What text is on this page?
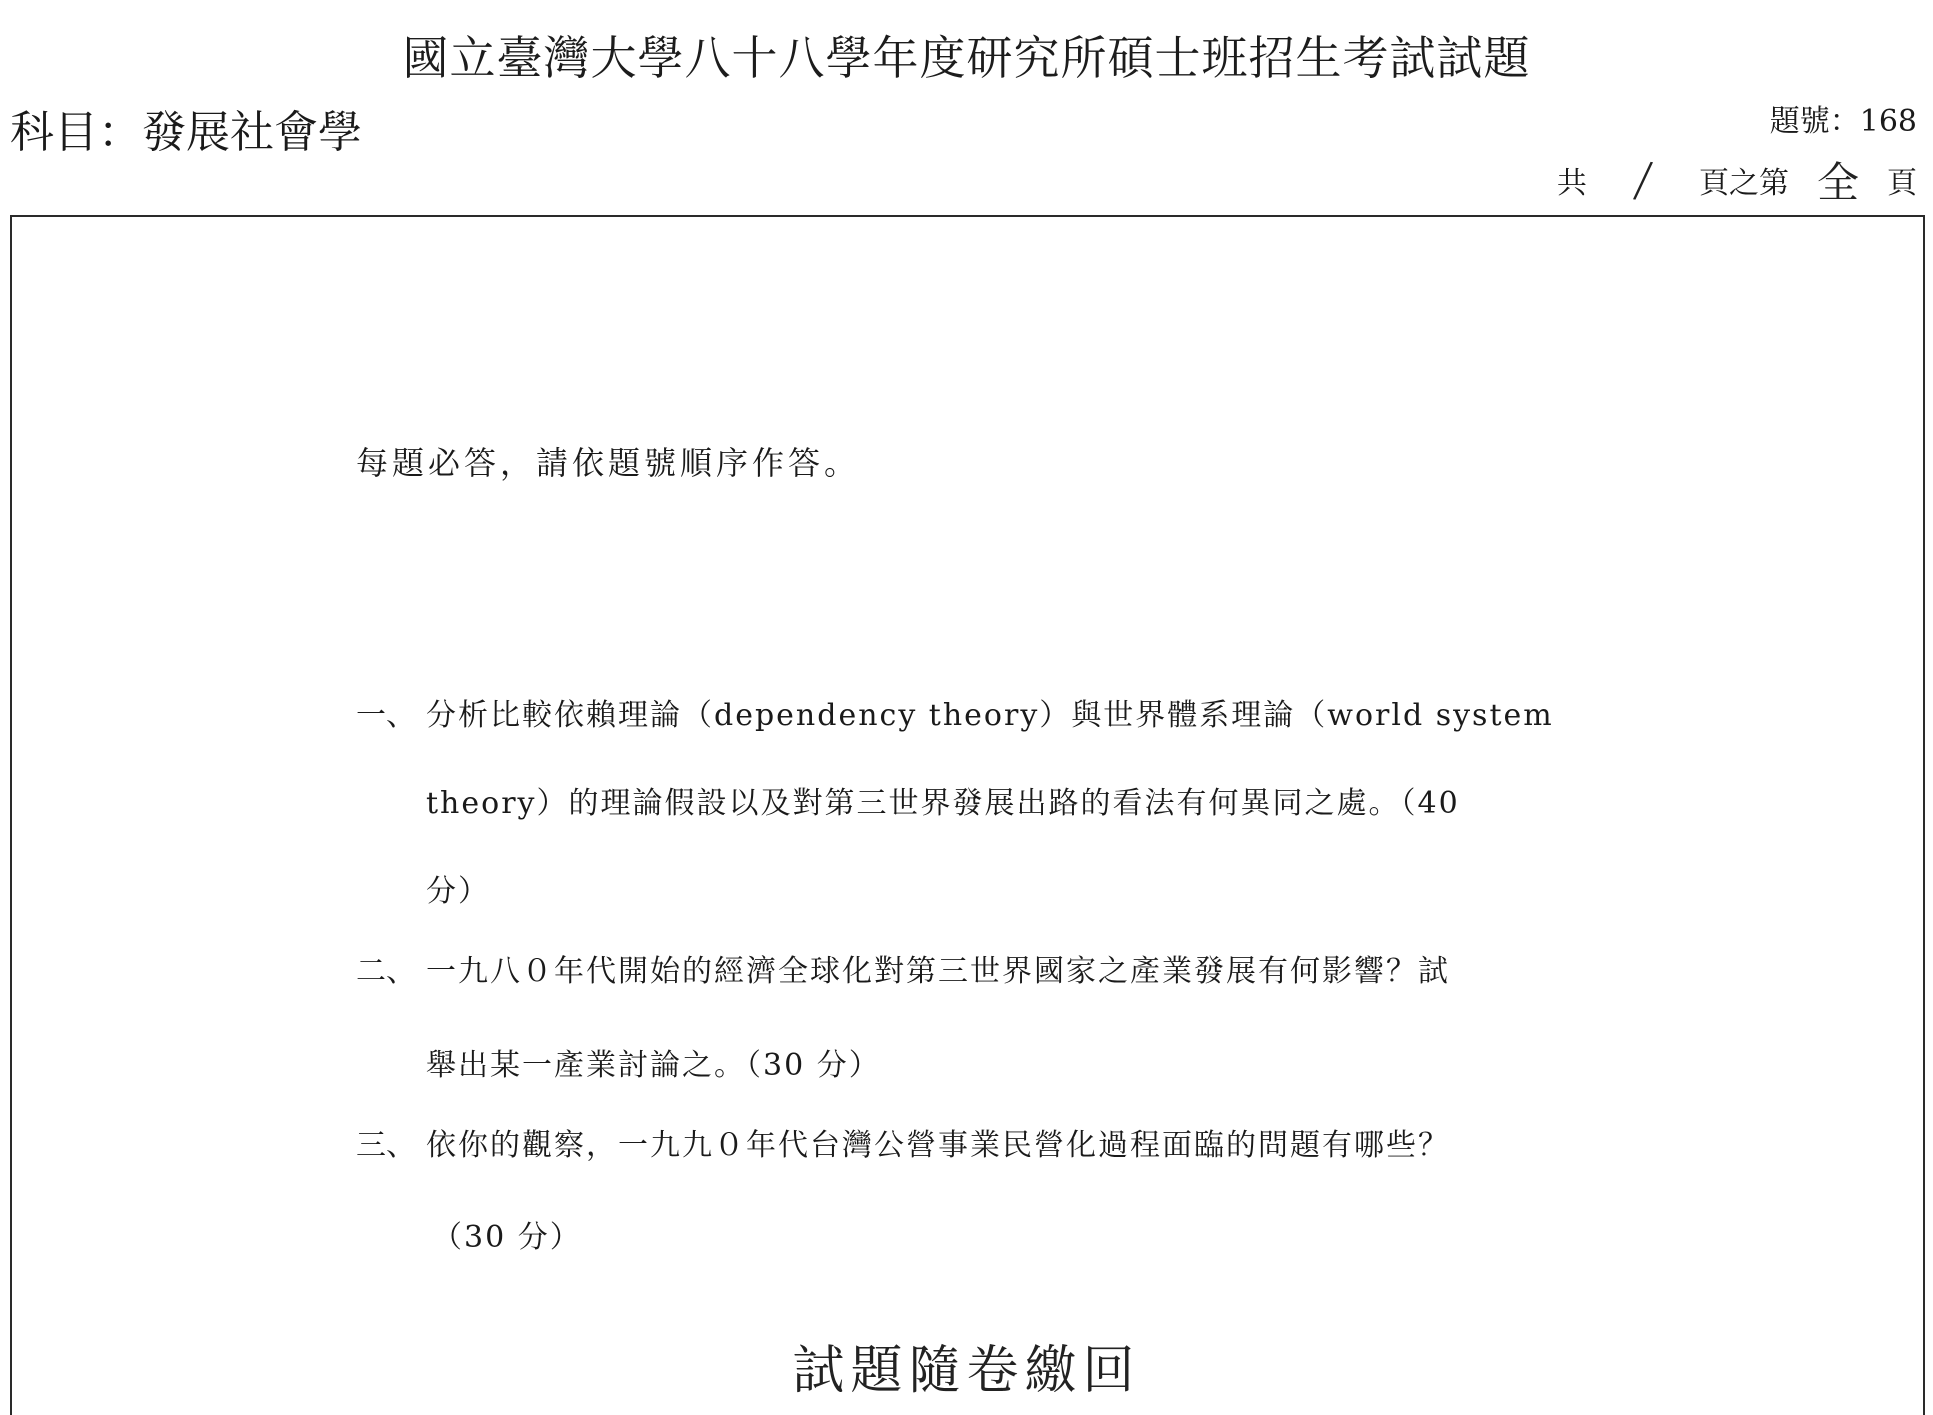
國立臺灣大學八十八學年度研究所碩士班招生考試試題
科目：發展社會學	題號：168
共 / 頁之第 全 頁
每題必答，請依題號順序作答。
一、 分析比較依賴理論（dependency theory）與世界體系理論（world system
theory）的理論假設以及對第三世界發展出路的看法有何異同之處。（40
分）
二、 一九八０年代開始的經濟全球化對第三世界國家之產業發展有何影響？試
舉出某一產業討論之。（30 分）
三、 依你的觀察，一九九０年代台灣公營事業民營化過程面臨的問題有哪些？
（30 分）
試題隨卷繳回
